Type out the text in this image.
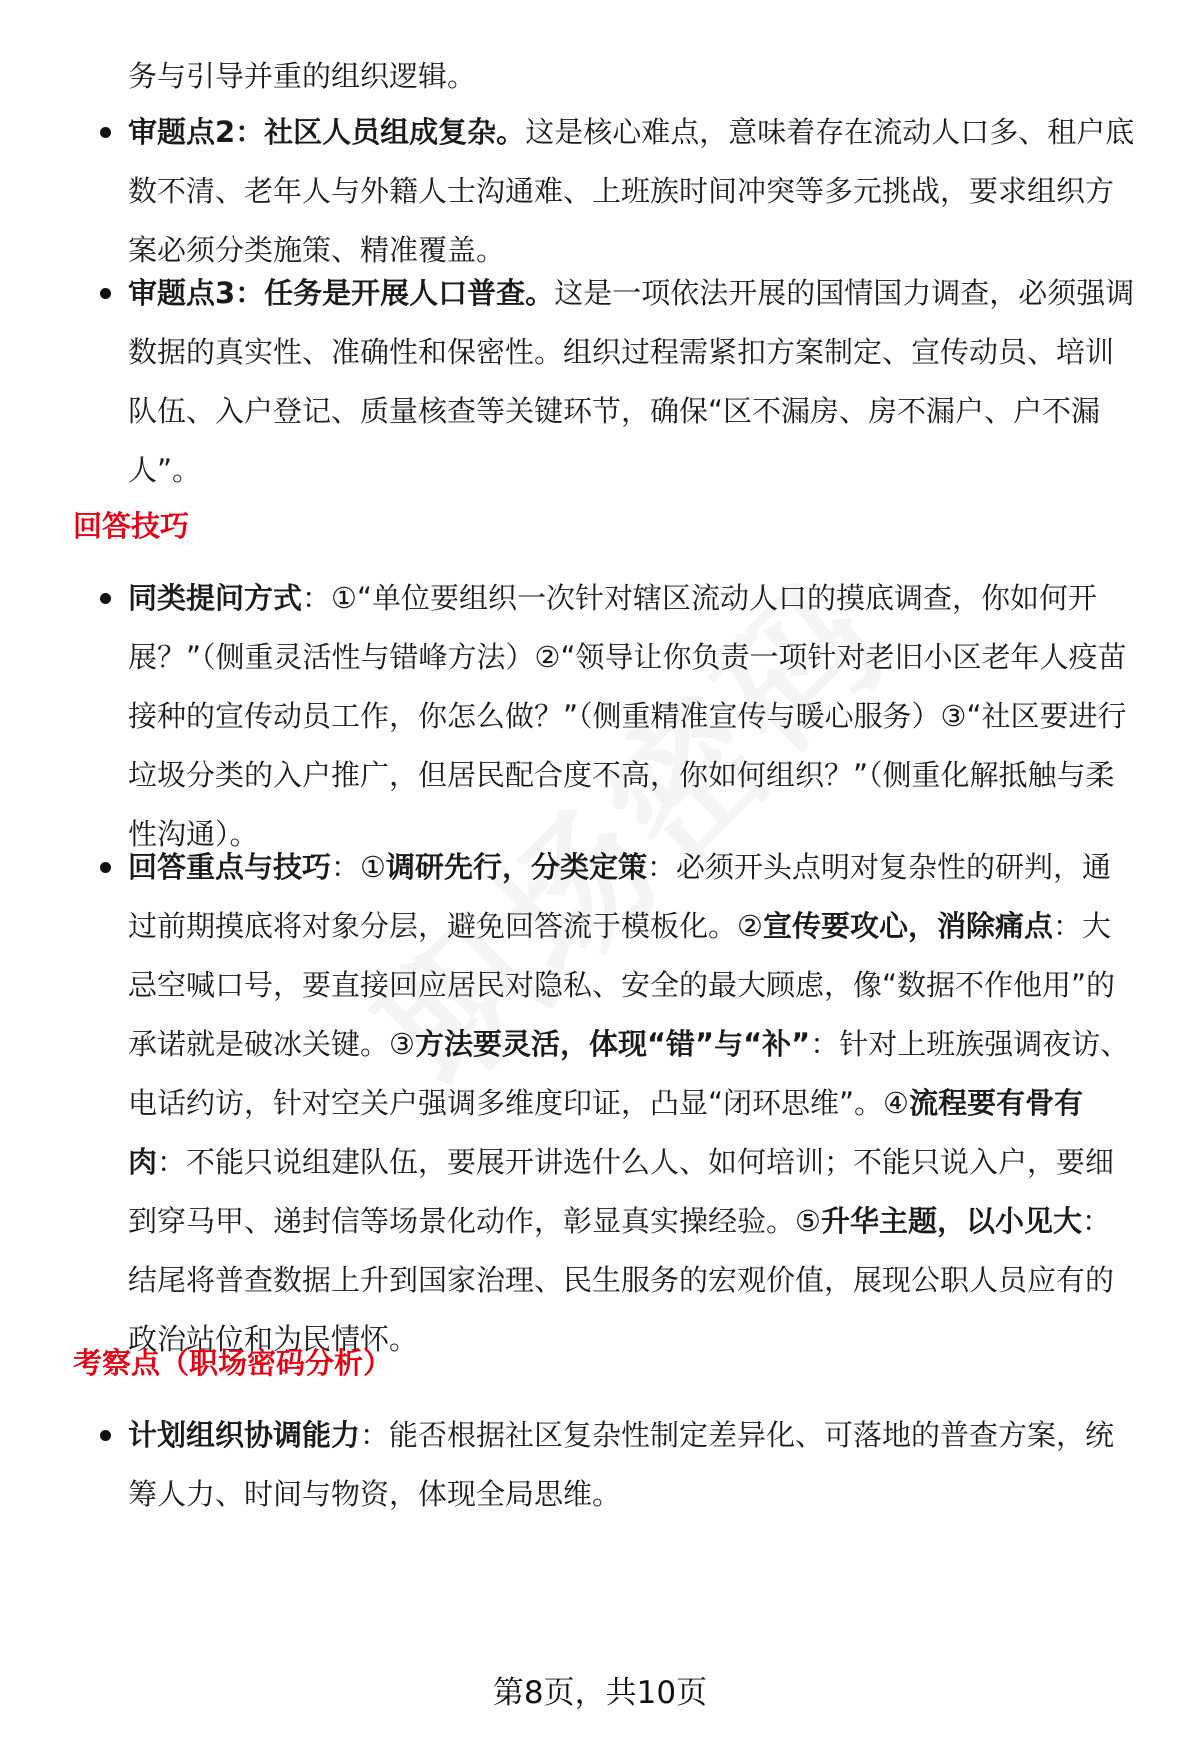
务与引导并重的组织逻辑。
审题点2：社区人员组成复杂。这是核心难点，意味着存在流动人口多、租户底数不清、老年人与外籍人士沟通难、上班族时间冲突等多元挑战，要求组织方案必须分类施策、精准覆盖。
审题点3：任务是开展人口普查。这是一项依法开展的国情国力调查，必须强调数据的真实性、准确性和保密性。组织过程需紧扣方案制定、宣传动员、培训队伍、入户登记、质量核查等关键环节，确保“区不漏房、房不漏户、户不漏人”。
回答技巧
同类提问方式：①“单位要组织一次针对辖区流动人口的摸底调查，你如何开展？”（侧重灵活性与错峰方法）②“领导让你负责一项针对老旧小区老年人疫苗接种的宣传动员工作，你怎么做？”（侧重精准宣传与暖心服务）③“社区要进行垃圾分类的入户推广，但居民配合度不高，你如何组织？”（侧重化解抵触与柔性沟通）。
回答重点与技巧：①调研先行，分类定策：必须开头点明对复杂性的研判，通过前期摸底将对象分层，避免回答流于模板化。②宣传要攻心，消除痛点：大忌空喊口号，要直接回应居民对隐私、安全的最大顾虑，像“数据不作他用”的承诺就是破冰关键。③方法要灵活，体现“错”与“补”：针对上班族强调夜访、电话约访，针对空关户强调多维度印证，凸显“闭环思维”。④流程要有骨有肉：不能只说组建队伍，要展开讲选什么人、如何培训；不能只说入户，要细到穿马甲、递封信等场景化动作，彰显真实操经验。⑤升华主题，以小见大：结尾将普查数据上升到国家治理、民生服务的宏观价值，展现公职人员应有的政治站位和为民情怀。
考察点（职场密码分析）
计划组织协调能力：能否根据社区复杂性制定差异化、可落地的普查方案，统筹人力、时间与物资，体现全局思维。
第8页，共10页
